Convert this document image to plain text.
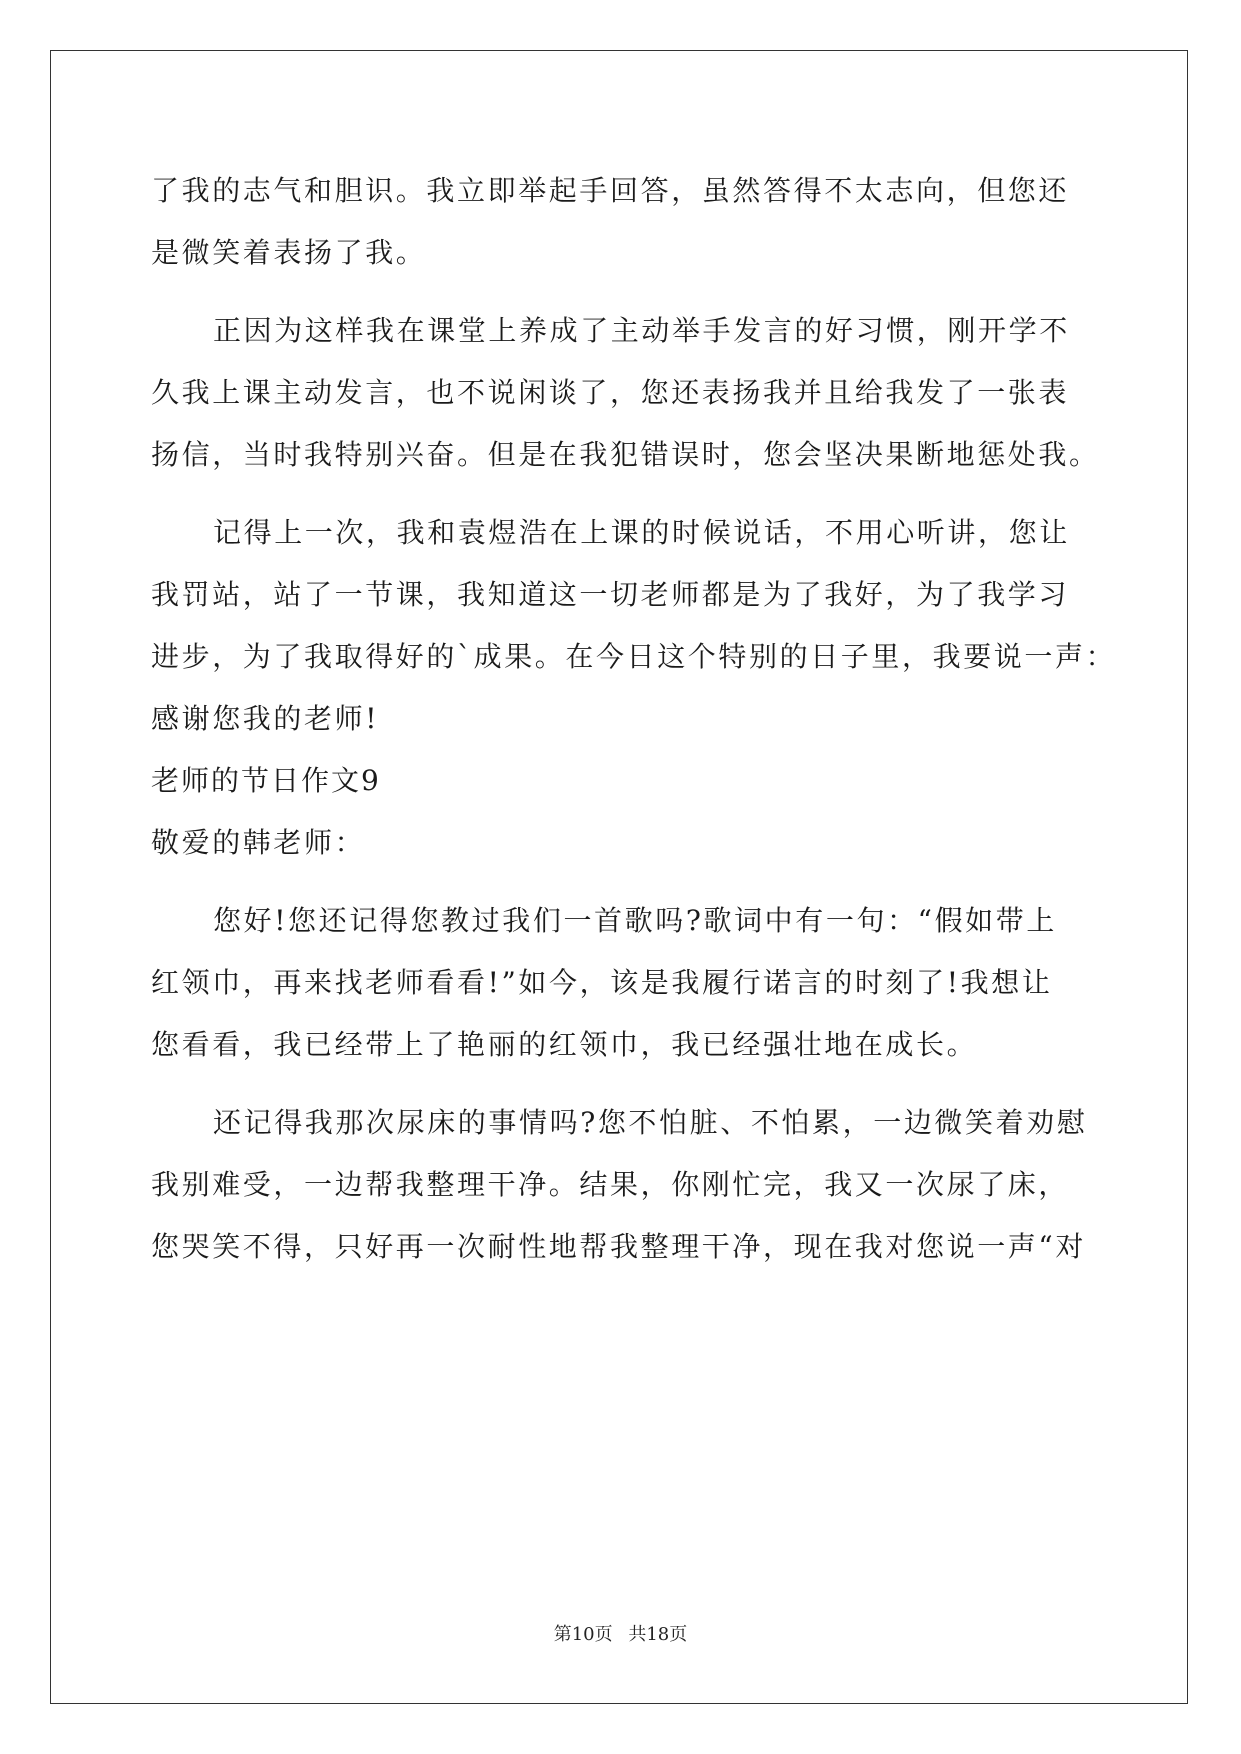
了我的志气和胆识。我立即举起手回答，虽然答得不太志向，但您还
是微笑着表扬了我。
正因为这样我在课堂上养成了主动举手发言的好习惯，刚开学不
久我上课主动发言，也不说闲谈了，您还表扬我并且给我发了一张表
扬信，当时我特别兴奋。但是在我犯错误时，您会坚决果断地惩处我。
记得上一次，我和袁煜浩在上课的时候说话，不用心听讲，您让
我罚站，站了一节课，我知道这一切老师都是为了我好，为了我学习
进步，为了我取得好的`成果。在今日这个特别的日子里，我要说一声：
感谢您我的老师!
老师的节日作文9
敬爱的韩老师：
您好!您还记得您教过我们一首歌吗?歌词中有一句：“假如带上
红领巾，再来找老师看看!”如今，该是我履行诺言的时刻了!我想让
您看看，我已经带上了艳丽的红领巾，我已经强壮地在成长。
还记得我那次尿床的事情吗?您不怕脏、不怕累，一边微笑着劝慰
我别难受，一边帮我整理干净。结果，你刚忙完，我又一次尿了床，
您哭笑不得，只好再一次耐性地帮我整理干净，现在我对您说一声“对
第10页 共18页
